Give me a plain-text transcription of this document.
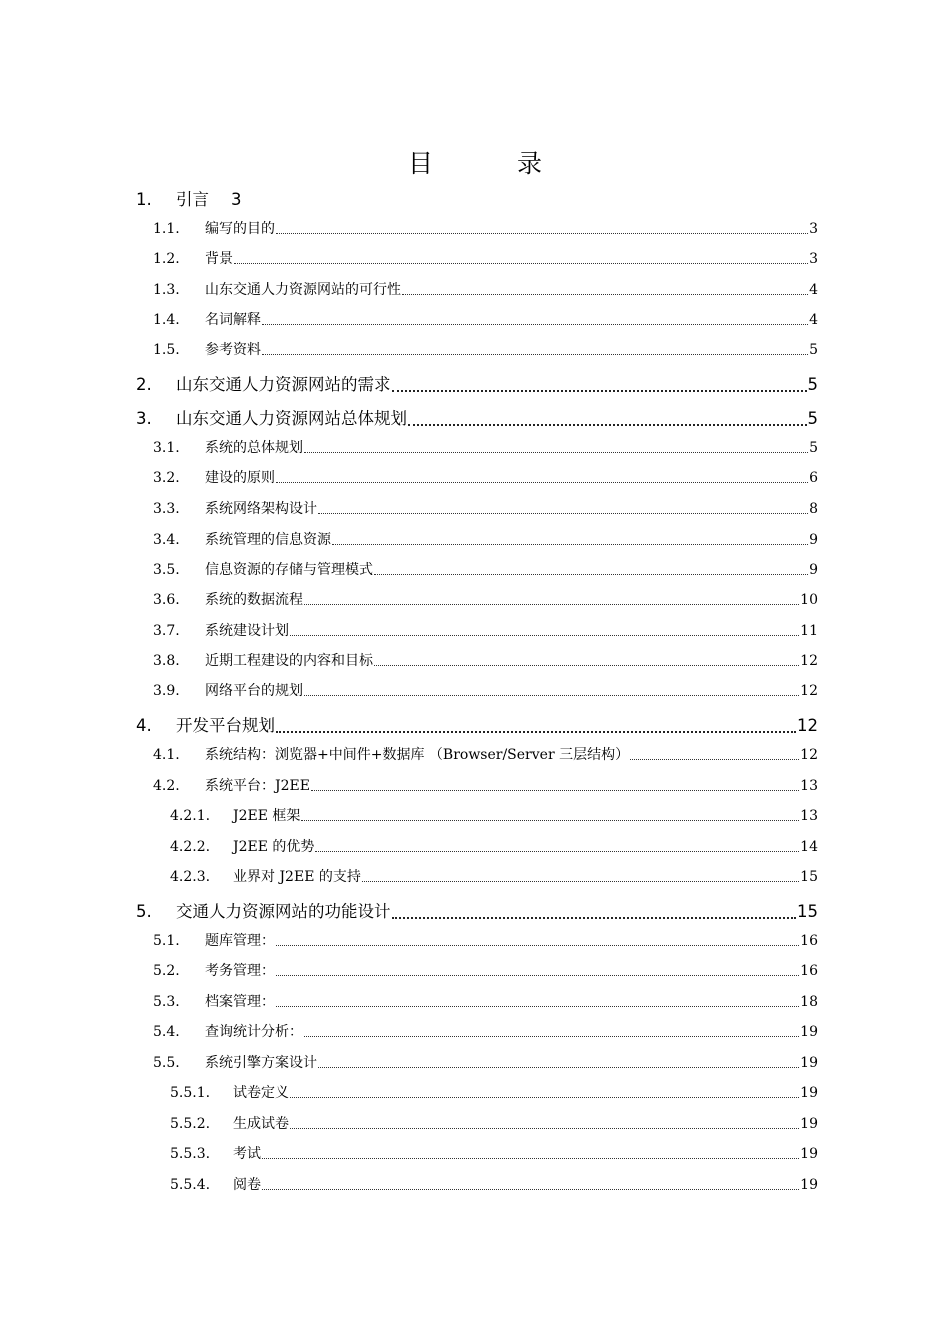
目 录
1.	引言 3
1.1.	编写的目的	3
1.2.	背景	3
1.3.	山东交通人力资源网站的可行性	4
1.4.	名词解释	4
1.5.	参考资料	5
2.	山东交通人力资源网站的需求	5
3.	山东交通人力资源网站总体规划	5
3.1.	系统的总体规划	5
3.2.	建设的原则	6
3.3.	系统网络架构设计	8
3.4.	系统管理的信息资源	9
3.5.	信息资源的存储与管理模式	9
3.6.	系统的数据流程	10
3.7.	系统建设计划	11
3.8.	近期工程建设的内容和目标	12
3.9.	网络平台的规划	12
4.	开发平台规划	12
4.1.	系统结构：浏览器+中间件+数据库 （Browser/Server 三层结构）	12
4.2.	系统平台：J2EE	13
4.2.1.	J2EE 框架	13
4.2.2.	J2EE 的优势	14
4.2.3.	业界对 J2EE 的支持	15
5.	交通人力资源网站的功能设计	15
5.1.	题库管理：	16
5.2.	考务管理：	16
5.3.	档案管理：	18
5.4.	查询统计分析：	19
5.5.	系统引擎方案设计	19
5.5.1.	试卷定义	19
5.5.2.	生成试卷	19
5.5.3.	考试	19
5.5.4.	阅卷	19
